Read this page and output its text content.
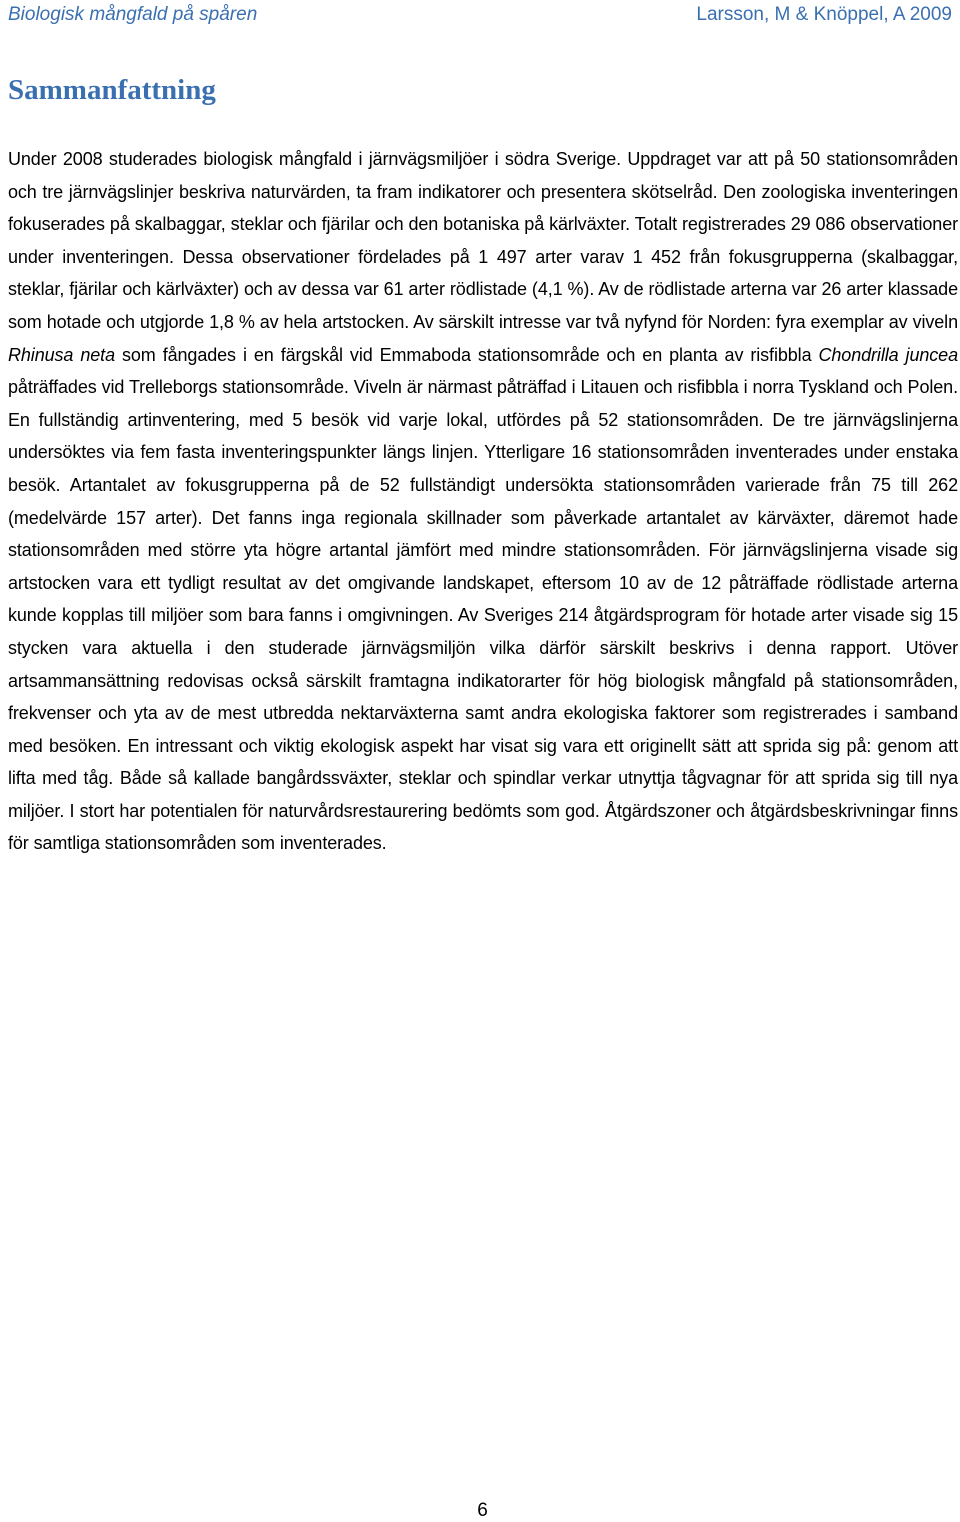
Biologisk mångfald på spåren	Larsson, M & Knöppel, A 2009
Sammanfattning

Under 2008 studerades biologisk mångfald i järnvägsmiljöer i södra Sverige. Uppdraget var att på 50 stationsområden och tre järnvägslinjer beskriva naturvärden, ta fram indikatorer och presentera skötselråd. Den zoologiska inventeringen fokuserades på skalbaggar, steklar och fjärilar och den botaniska på kärlväxter. Totalt registrerades 29 086 observationer under inventeringen. Dessa observationer fördelades på 1 497 arter varav 1 452 från fokusgrupperna (skalbaggar, steklar, fjärilar och kärlväxter) och av dessa var 61 arter rödlistade (4,1 %). Av de rödlistade arterna var 26 arter klassade som hotade och utgjorde 1,8 % av hela artstocken. Av särskilt intresse var två nyfynd för Norden: fyra exemplar av viveln Rhinusa neta som fångades i en färgskål vid Emmaboda stationsområde och en planta av risfibbla Chondrilla juncea påträffades vid Trelleborgs stationsområde. Viveln är närmast påträffad i Litauen och risfibbla i norra Tyskland och Polen. En fullständig artinventering, med 5 besök vid varje lokal, utfördes på 52 stationsområden. De tre järnvägslinjerna undersöktes via fem fasta inventeringspunkter längs linjen. Ytterligare 16 stationsområden inventerades under enstaka besök. Artantalet av fokusgrupperna på de 52 fullständigt undersökta stationsområden varierade från 75 till 262 (medelvärde 157 arter). Det fanns inga regionala skillnader som påverkade artantalet av kärväxter, däremot hade stationsområden med större yta högre artantal jämfört med mindre stationsområden. För järnvägslinjerna visade sig artstocken vara ett tydligt resultat av det omgivande landskapet, eftersom 10 av de 12 påträffade rödlistade arterna kunde kopplas till miljöer som bara fanns i omgivningen. Av Sveriges 214 åtgärdsprogram för hotade arter visade sig 15 stycken vara aktuella i den studerade järnvägsmiljön vilka därför särskilt beskrivs i denna rapport. Utöver artsammansättning redovisas också särskilt framtagna indikatorarter för hög biologisk mångfald på stationsområden, frekvenser och yta av de mest utbredda nektarväxterna samt andra ekologiska faktorer som registrerades i samband med besöken. En intressant och viktig ekologisk aspekt har visat sig vara ett originellt sätt att sprida sig på: genom att lifta med tåg. Både så kallade bangårdssväxter, steklar och spindlar verkar utnyttja tågvagnar för att sprida sig till nya miljöer. I stort har potentialen för naturvårdsrestaurering bedömts som god. Åtgärdszoner och åtgärdsbeskrivningar finns för samtliga stationsområden som inventerades.

6
